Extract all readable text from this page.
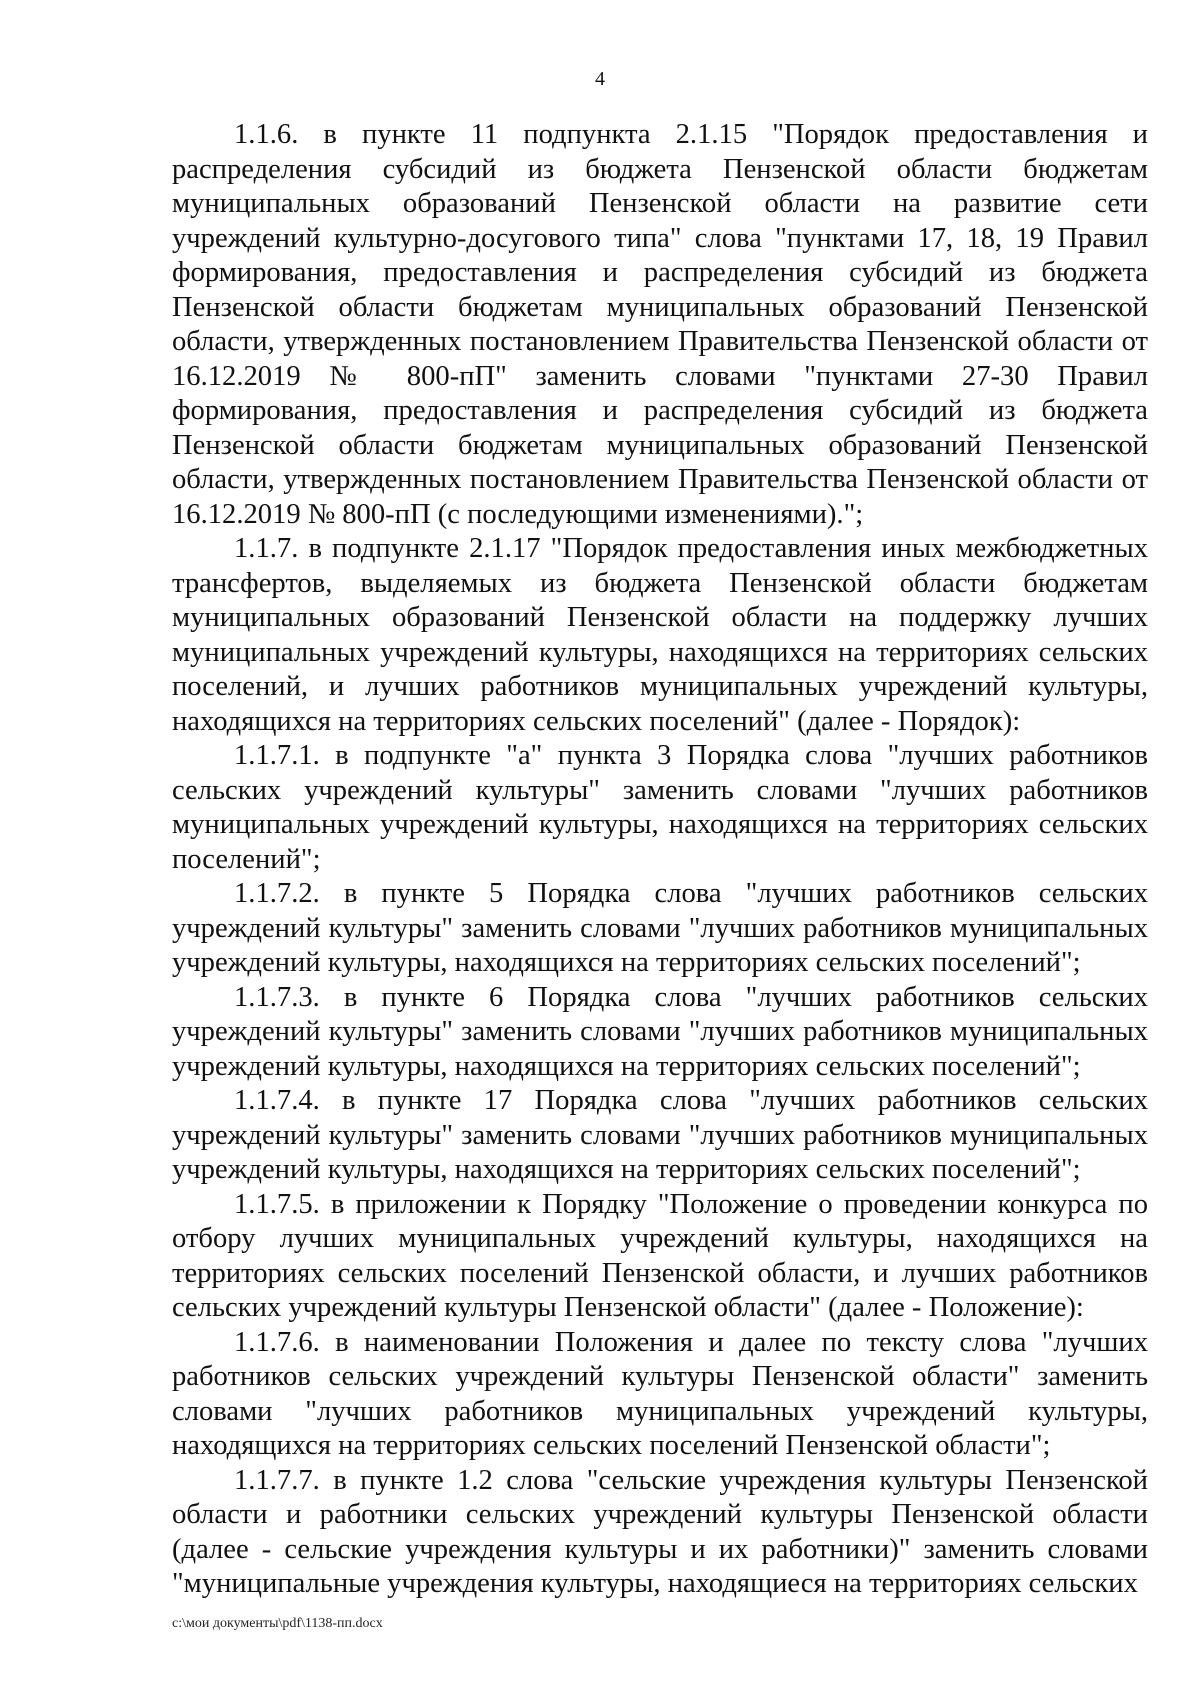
4

1.1.6. в пункте 11 подпункта 2.1.15 "Порядок предоставления и распределения субсидий из бюджета Пензенской области бюджетам муниципальных образований Пензенской области на развитие сети учреждений культурно-досугового типа" слова "пунктами 17, 18, 19 Правил формирования, предоставления и распределения субсидий из бюджета Пензенской области бюджетам муниципальных образований Пензенской области, утвержденных постановлением Правительства Пензенской области от 16.12.2019 № 800-пП" заменить словами "пунктами 27-30 Правил формирования, предоставления и распределения субсидий из бюджета Пензенской области бюджетам муниципальных образований Пензенской области, утвержденных постановлением Правительства Пензенской области от 16.12.2019 № 800-пП (с последующими изменениями).";

1.1.7. в подпункте 2.1.17 "Порядок предоставления иных межбюджетных трансфертов, выделяемых из бюджета Пензенской области бюджетам муниципальных образований Пензенской области на поддержку лучших муниципальных учреждений культуры, находящихся на территориях сельских поселений, и лучших работников муниципальных учреждений культуры, находящихся на территориях сельских поселений" (далее - Порядок):

1.1.7.1. в подпункте "а" пункта 3 Порядка слова "лучших работников сельских учреждений культуры" заменить словами "лучших работников муниципальных учреждений культуры, находящихся на территориях сельских поселений";

1.1.7.2. в пункте 5 Порядка слова "лучших работников сельских учреждений культуры" заменить словами "лучших работников муниципальных учреждений культуры, находящихся на территориях сельских поселений";

1.1.7.3. в пункте 6 Порядка слова "лучших работников сельских учреждений культуры" заменить словами "лучших работников муниципальных учреждений культуры, находящихся на территориях сельских поселений";

1.1.7.4. в пункте 17 Порядка слова "лучших работников сельских учреждений культуры" заменить словами "лучших работников муниципальных учреждений культуры, находящихся на территориях сельских поселений";

1.1.7.5. в приложении к Порядку "Положение о проведении конкурса по отбору лучших муниципальных учреждений культуры, находящихся на территориях сельских поселений Пензенской области, и лучших работников сельских учреждений культуры Пензенской области" (далее - Положение):

1.1.7.6. в наименовании Положения и далее по тексту слова "лучших работников сельских учреждений культуры Пензенской области" заменить словами "лучших работников муниципальных учреждений культуры, находящихся на территориях сельских поселений Пензенской области";

1.1.7.7. в пункте 1.2 слова "сельские учреждения культуры Пензенской области и работники сельских учреждений культуры Пензенской области (далее - сельские учреждения культуры и их работники)" заменить словами "муниципальные учреждения культуры, находящиеся на территориях сельских

c:\мои документы\pdf\1138-пп.docx
